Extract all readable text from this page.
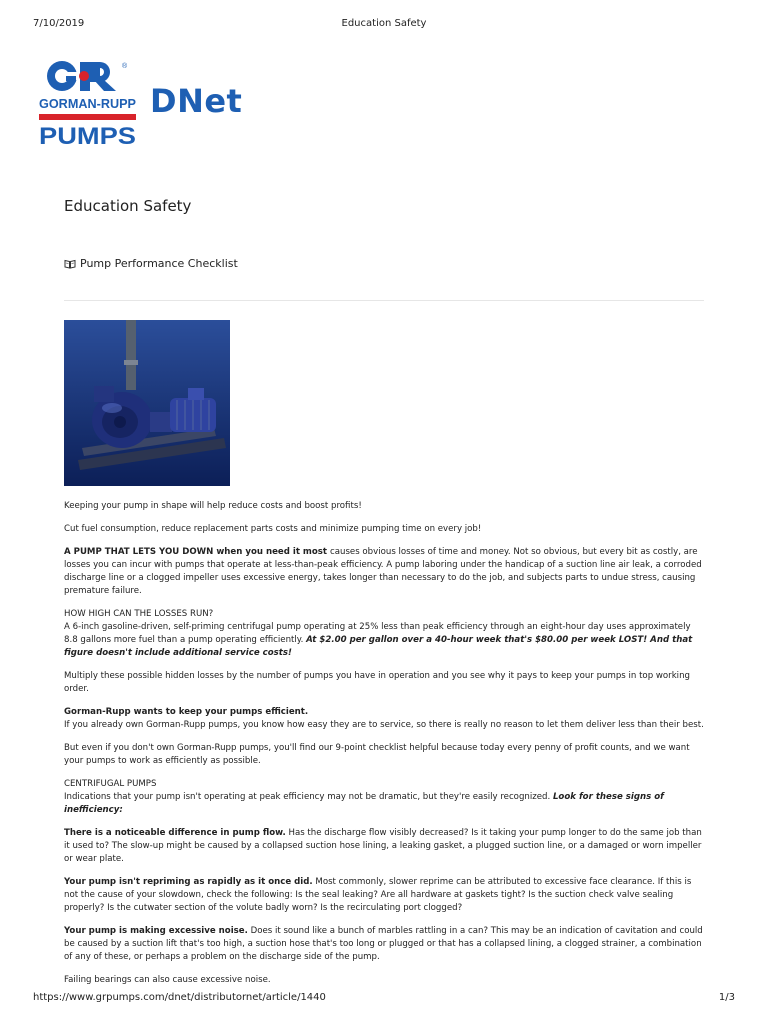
7/10/2019	Education Safety
®
GORMAN-RUPP
PUMPS
DNet
Education Safety
Pump Performance Checklist

Keeping your pump in shape will help reduce costs and boost profits!

Cut fuel consumption, reduce replacement parts costs and minimize pumping time on every job!

A PUMP THAT LETS YOU DOWN when you need it most causes obvious losses of time and money. Not so obvious, but every bit as costly, are losses you can incur with pumps that operate at less-than-peak efficiency. A pump laboring under the handicap of a suction line air leak, a corroded discharge line or a clogged impeller uses excessive energy, takes longer than necessary to do the job, and subjects parts to undue stress, causing premature failure.

HOW HIGH CAN THE LOSSES RUN?
A 6-inch gasoline-driven, self-priming centrifugal pump operating at 25% less than peak efficiency through an eight-hour day uses approximately 8.8 gallons more fuel than a pump operating efficiently. At $2.00 per gallon over a 40-hour week that's $80.00 per week LOST! And that figure doesn't include additional service costs!

Multiply these possible hidden losses by the number of pumps you have in operation and you see why it pays to keep your pumps in top working order.

Gorman-Rupp wants to keep your pumps efficient.
If you already own Gorman-Rupp pumps, you know how easy they are to service, so there is really no reason to let them deliver less than their best.

But even if you don't own Gorman-Rupp pumps, you'll find our 9-point checklist helpful because today every penny of profit counts, and we want your pumps to work as efficiently as possible.

CENTRIFUGAL PUMPS
Indications that your pump isn't operating at peak efficiency may not be dramatic, but they're easily recognized. Look for these signs of inefficiency:

There is a noticeable difference in pump flow. Has the discharge flow visibly decreased? Is it taking your pump longer to do the same job than it used to? The slow-up might be caused by a collapsed suction hose lining, a leaking gasket, a plugged suction line, or a damaged or worn impeller or wear plate.

Your pump isn't repriming as rapidly as it once did. Most commonly, slower reprime can be attributed to excessive face clearance. If this is not the cause of your slowdown, check the following: Is the seal leaking? Are all hardware at gaskets tight? Is the suction check valve sealing properly? Is the cutwater section of the volute badly worn? Is the recirculating port clogged?

Your pump is making excessive noise. Does it sound like a bunch of marbles rattling in a can? This may be an indication of cavitation and could be caused by a suction lift that's too high, a suction hose that's too long or plugged or that has a collapsed lining, a clogged strainer, a combination of any of these, or perhaps a problem on the discharge side of the pump.

Failing bearings can also cause excessive noise.

https://www.grpumps.com/dnet/distributornet/article/1440	1/3
